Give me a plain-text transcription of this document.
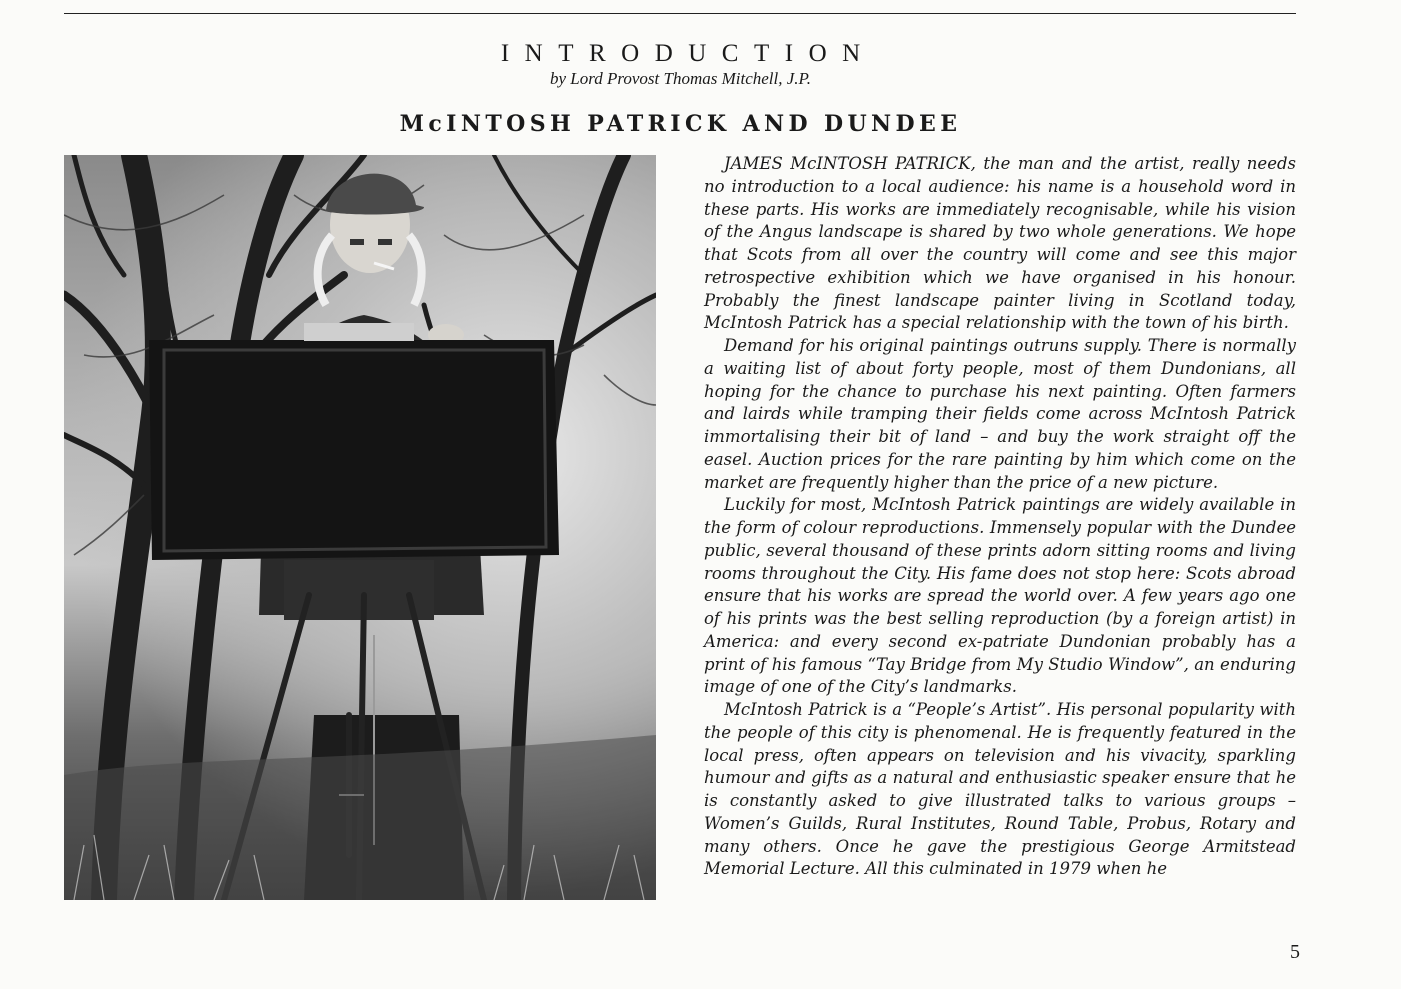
INTRODUCTION
by Lord Provost Thomas Mitchell, J.P.
McINTOSH PATRICK AND DUNDEE

JAMES McINTOSH PATRICK, the man and the artist, really needs no introduction to a local audience: his name is a household word in these parts. His works are immediately recognisable, while his vision of the Angus landscape is shared by two whole generations. We hope that Scots from all over the country will come and see this major retrospective exhibition which we have organised in his honour. Probably the finest landscape painter living in Scotland today, McIntosh Patrick has a special relationship with the town of his birth.

Demand for his original paintings outruns supply. There is normally a waiting list of about forty people, most of them Dundonians, all hoping for the chance to purchase his next painting. Often farmers and lairds while tramping their fields come across McIntosh Patrick immortalising their bit of land – and buy the work straight off the easel. Auction prices for the rare painting by him which come on the market are frequently higher than the price of a new picture.

Luckily for most, McIntosh Patrick paintings are widely available in the form of colour reproductions. Immensely popular with the Dundee public, several thousand of these prints adorn sitting rooms and living rooms throughout the City. His fame does not stop here: Scots abroad ensure that his works are spread the world over. A few years ago one of his prints was the best selling reproduction (by a foreign artist) in America: and every second ex-patriate Dundonian probably has a print of his famous “Tay Bridge from My Studio Window”, an enduring image of one of the City’s landmarks.

McIntosh Patrick is a “People’s Artist”. His personal popularity with the people of this city is phenomenal. He is frequently featured in the local press, often appears on television and his vivacity, sparkling humour and gifts as a natural and enthusiastic speaker ensure that he is constantly asked to give illustrated talks to various groups – Women’s Guilds, Rural Institutes, Round Table, Probus, Rotary and many others. Once he gave the prestigious George Armitstead Memorial Lecture. All this culminated in 1979 when he

5
